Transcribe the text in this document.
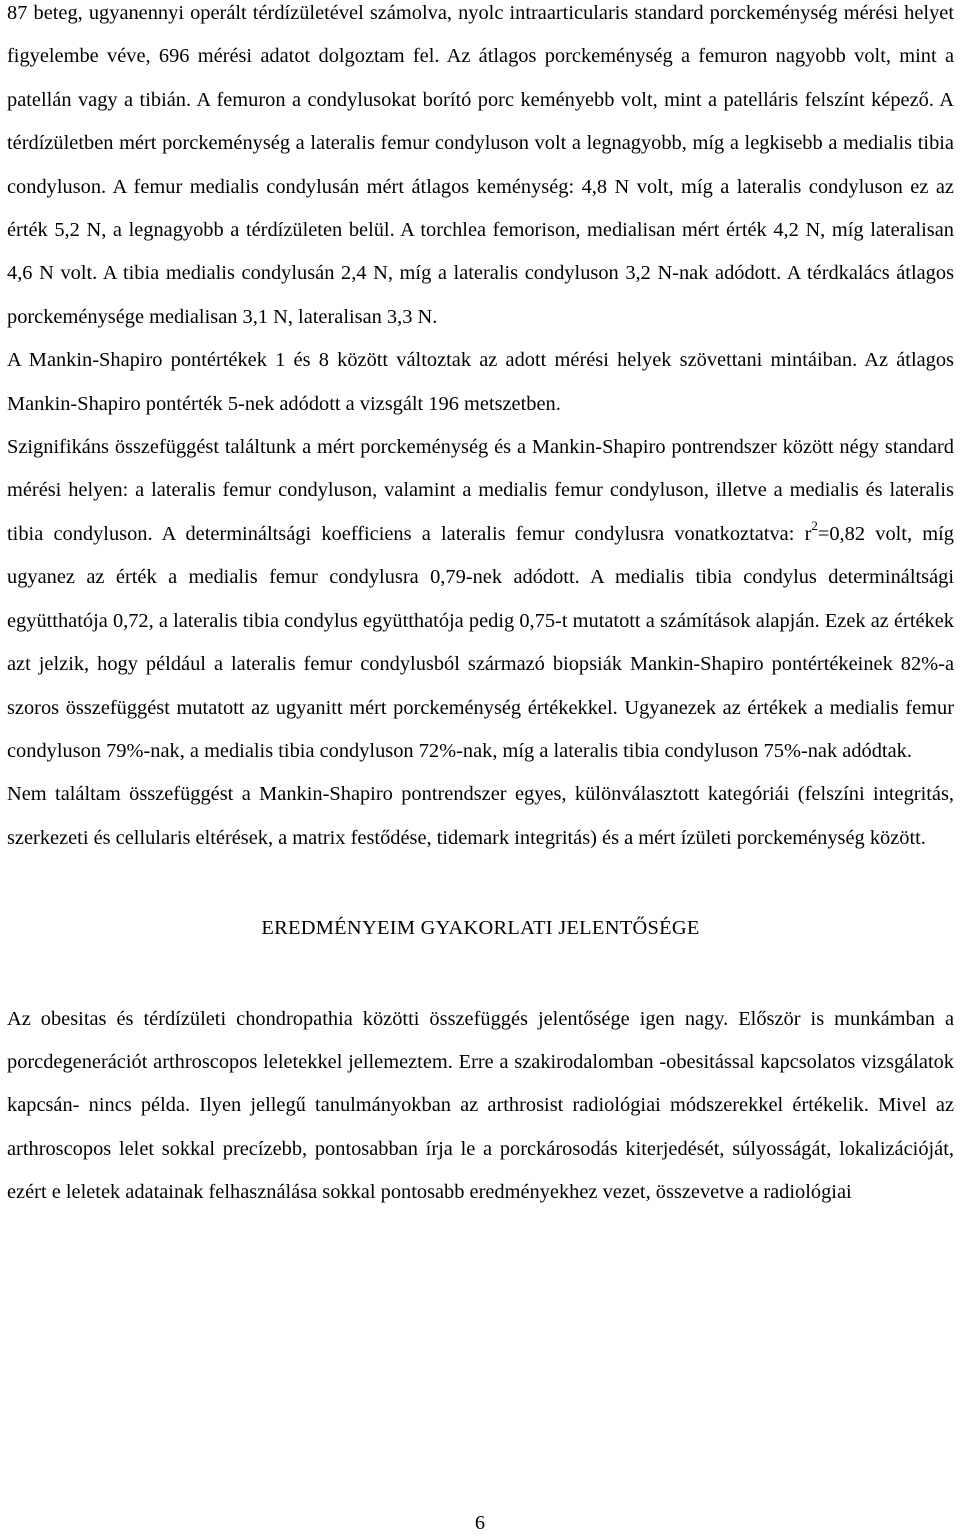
87 beteg, ugyanennyi operált térdízületével számolva, nyolc intraarticularis standard porckeménység mérési helyet figyelembe véve, 696 mérési adatot dolgoztam fel. Az átlagos porckeménység a femuron nagyobb volt, mint a patellán vagy a tibián. A femuron a condylusokat borító porc keményebb volt, mint a patelláris felszínt képező. A térdízületben mért porckeménység a lateralis femur condyluson volt a legnagyobb, míg a legkisebb a medialis tibia condyluson. A femur medialis condylusán mért átlagos keménység: 4,8 N volt, míg a lateralis condyluson ez az érték 5,2 N, a legnagyobb a térdízületen belül. A torchlea femorison, medialisan mért érték 4,2 N, míg lateralisan 4,6 N volt. A tibia medialis condylusán 2,4 N, míg a lateralis condyluson 3,2 N-nak adódott. A térdkalács átlagos porckeménysége medialisan 3,1 N, lateralisan 3,3 N.

A Mankin-Shapiro pontértékek 1 és 8 között változtak az adott mérési helyek szövettani mintáiban. Az átlagos Mankin-Shapiro pontérték 5-nek adódott a vizsgált 196 metszetben.

Szignifikáns összefüggést találtunk a mért porckeménység és a Mankin-Shapiro pontrendszer között négy standard mérési helyen: a lateralis femur condyluson, valamint a medialis femur condyluson, illetve a medialis és lateralis tibia condyluson. A determináltsági koefficiens a lateralis femur condylusra vonatkoztatva: $r^2=0,82$ volt, míg ugyanez az érték a medialis femur condylusra 0,79-nek adódott. A medialis tibia condylus determináltsági együtthatója 0,72, a lateralis tibia condylus együtthatója pedig 0,75-t mutatott a számítások alapján. Ezek az értékek azt jelzik, hogy például a lateralis femur condylusból származó biopsiák Mankin-Shapiro pontértékeinek 82%-a szoros összefüggést mutatott az ugyanitt mért porckeménység értékekkel. Ugyanezek az értékek a medialis femur condyluson 79%-nak, a medialis tibia condyluson 72%-nak, míg a lateralis tibia condyluson 75%-nak adódtak.

Nem találtam összefüggést a Mankin-Shapiro pontrendszer egyes, különválasztott kategóriái (felszíni integritás, szerkezeti és cellularis eltérések, a matrix festődése, tidemark integritás) és a mért ízületi porckeménység között.

EREDMÉNYEIM GYAKORLATI JELENTŐSÉGE

Az obesitas és térdízületi chondropathia közötti összefüggés jelentősége igen nagy. Először is munkámban a porcdegenerációt arthroscopos leletekkel jellemeztem. Erre a szakirodalomban -obesitással kapcsolatos vizsgálatok kapcsán- nincs példa. Ilyen jellegű tanulmányokban az arthrosist radiológiai módszerekkel értékelik. Mivel az arthroscopos lelet sokkal precízebb, pontosabban írja le a porckárosodás kiterjedését, súlyosságát, lokalizációját, ezért e leletek adatainak felhasználása sokkal pontosabb eredményekhez vezet, összevetve a radiológiai

6
